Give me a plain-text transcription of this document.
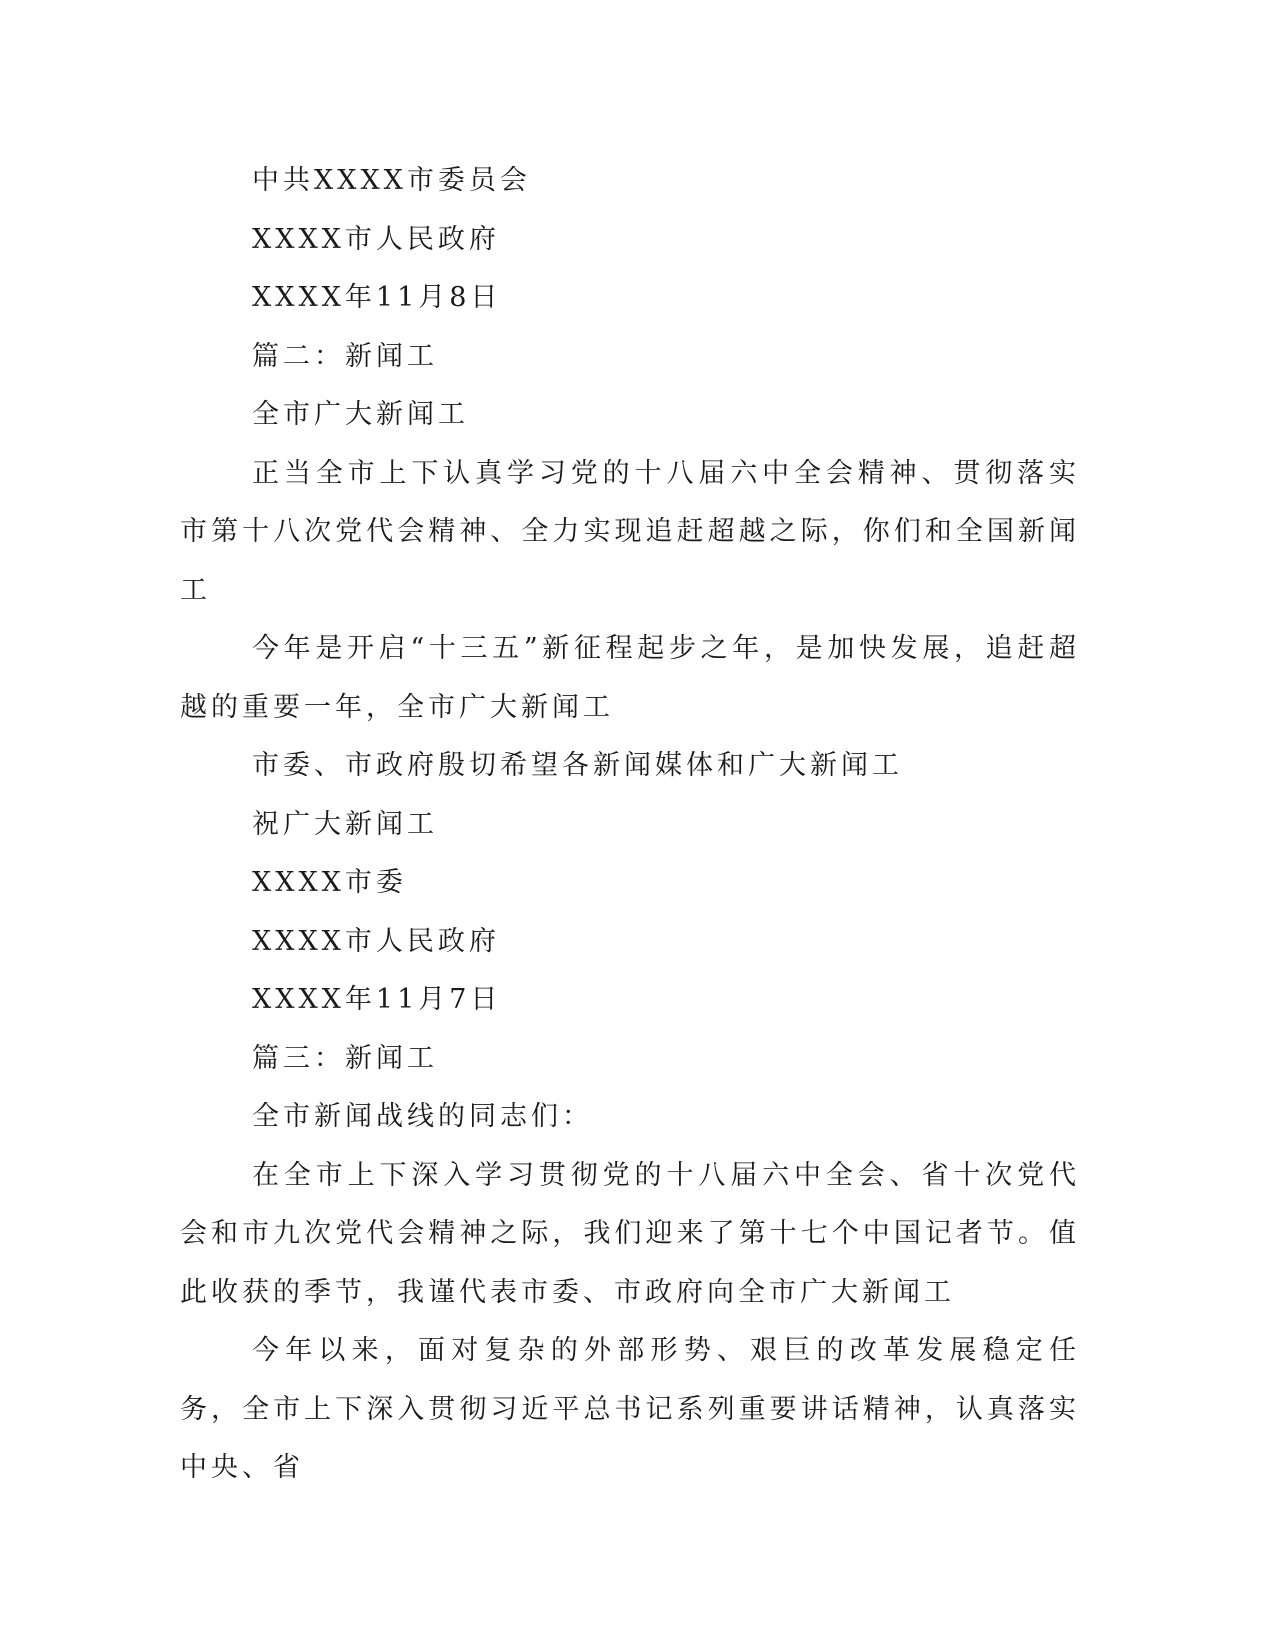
中共XXXX市委员会

XXXX市人民政府

XXXX年11月8日

篇二：新闻工

全市广大新闻工

正当全市上下认真学习党的十八届六中全会精神、贯彻落实市第十八次党代会精神、全力实现追赶超越之际，你们和全国新闻工

今年是开启“十三五”新征程起步之年，是加快发展，追赶超越的重要一年，全市广大新闻工

市委、市政府殷切希望各新闻媒体和广大新闻工

祝广大新闻工

XXXX市委

XXXX市人民政府

XXXX年11月7日

篇三：新闻工

全市新闻战线的同志们：

在全市上下深入学习贯彻党的十八届六中全会、省十次党代会和市九次党代会精神之际，我们迎来了第十七个中国记者节。值此收获的季节，我谨代表市委、市政府向全市广大新闻工

今年以来，面对复杂的外部形势、艰巨的改革发展稳定任务，全市上下深入贯彻习近平总书记系列重要讲话精神，认真落实中央、省
